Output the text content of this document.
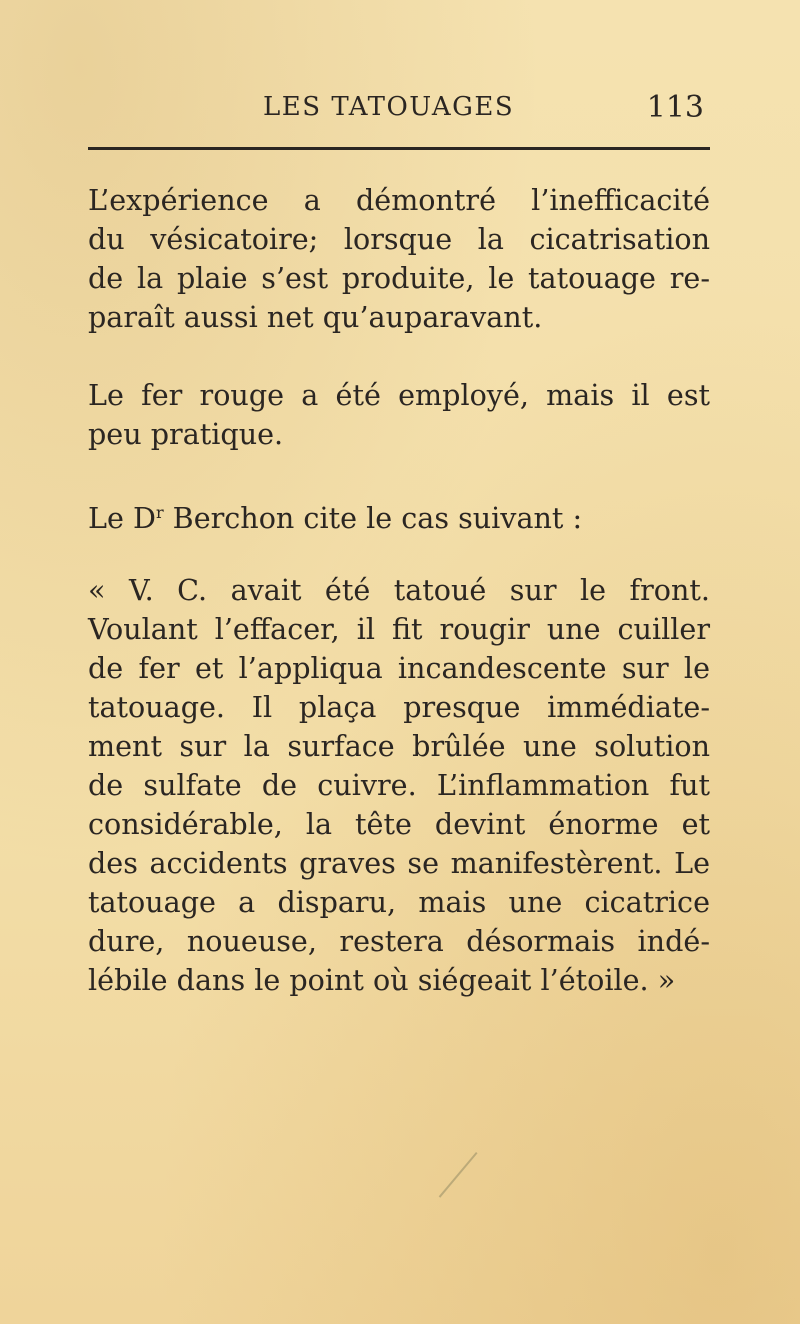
LES TATOUAGES	113
L’expérience a démontré l’inefficacité
du vésicatoire; lorsque la cicatrisation
de la plaie s’est produite, le tatouage re-
paraît aussi net qu’auparavant.
Le fer rouge a été employé, mais il est
peu pratique.
Le $D^r$ Berchon cite le cas suivant :
« V. C. avait été tatoué sur le front.
Voulant l’effacer, il fit rougir une cuiller
de fer et l’appliqua incandescente sur le
tatouage. Il plaça presque immédiate-
ment sur la surface brûlée une solution
de sulfate de cuivre. L’inflammation fut
considérable, la tête devint énorme et
des accidents graves se manifestèrent. Le
tatouage a disparu, mais une cicatrice
dure, noueuse, restera désormais indé-
lébile dans le point où siégeait l’étoile. »
